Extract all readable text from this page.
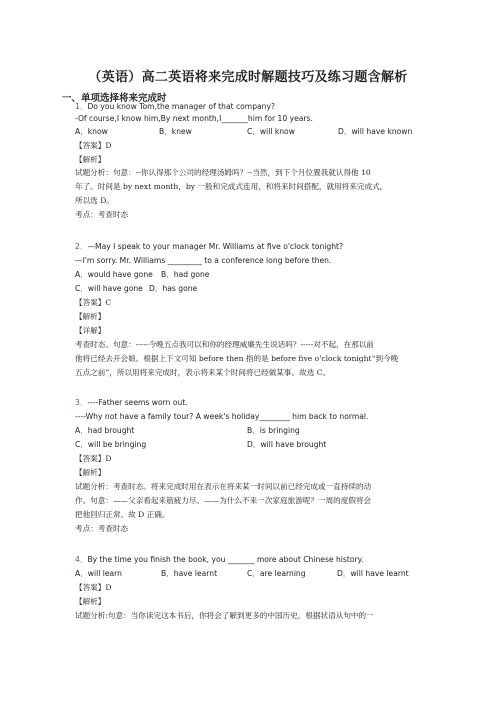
（英语）高二英语将来完成时解题技巧及练习题含解析
一、单项选择将来完成时
1．Do you know Tom,the manager of that company?
-Of course,I know him,By next month,I_______him for 10 years.
A．know	B．knew	C．will know	D．will have known
【答案】D
【解析】
试题分析：句意：--你认得那个公司的经理汤姆吗？--当然，到下个月位置我就认得他 10
年了。时间是 by next month，by 一般和完成式连用，和将来时间搭配，就用将来完成式，
所以选 D。
考点：考查时态
2．—May I speak to your manager Mr. Williams at five o'clock tonight?
—I'm sorry. Mr. Williams _________ to a conference long before then.
A．would have gone B．had gone
C．will have gone D．has gone
【答案】C
【解析】
【详解】
考查时态。句意：-----今晚五点我可以和你的经理威廉先生说话吗？-----对不起，在那以前
他将已经去开会娘。根据上下文可知 before then 指的是 before five o'clock tonight“到今晚
五点之前”，所以用将来完成时，表示将来某个时间将已经做某事。故选 C。
3．----Father seems worn out.
----Why not have a family tour? A week's holiday________ him back to normal.
A．had brought	B．is bringing
C．will be bringing	D．will have brought
【答案】D
【解析】
试题分析：考查时态。将来完成时用在表示在将来某一时间以前已经完成或一直持续的动
作。句意：——父亲看起来筋疲力尽。——为什么不来一次家庭旅游呢？一周的度假将会
把他回归正常。故 D 正确。
考点：考查时态
4．By the time you finish the book, you _______ more about Chinese history.
A．will learn	B．have learnt	C．are learning	D．will have learnt
【答案】D
【解析】
试题分析:句意：当你读完这本书后，你将会了解到更多的中国历史。根据状语从句中的一
